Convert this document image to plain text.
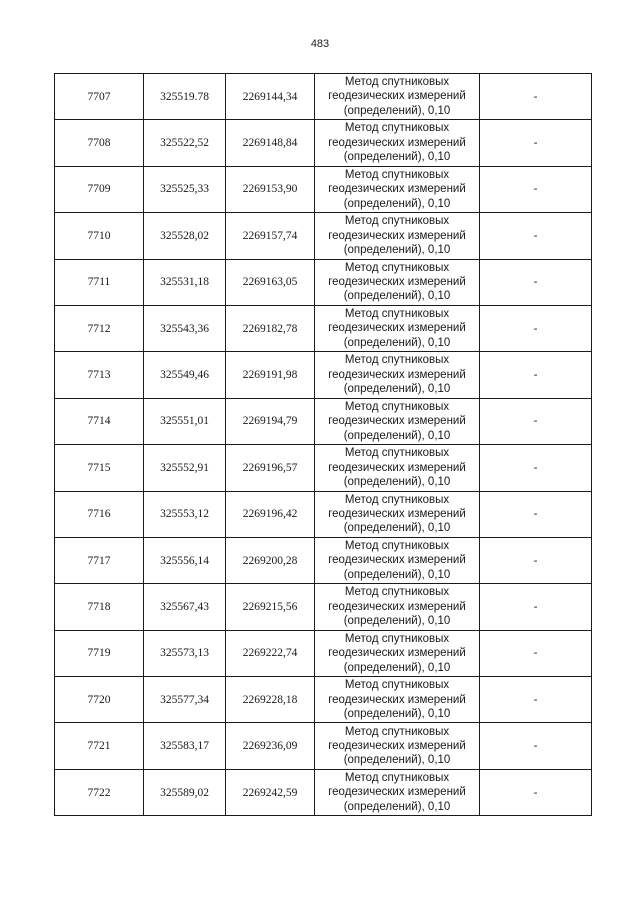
483
7707	325519.78	2269144,34	Метод спутниковых
геодезических измерений
(определений), 0,10	-
7708	325522,52	2269148,84	Метод спутниковых
геодезических измерений
(определений), 0,10	-
7709	325525,33	2269153,90	Метод спутниковых
геодезических измерений
(определений), 0,10	-
7710	325528,02	2269157,74	Метод спутниковых
геодезических измерений
(определений), 0,10	-
7711	325531,18	2269163,05	Метод спутниковых
геодезических измерений
(определений), 0,10	-
7712	325543,36	2269182,78	Метод спутниковых
геодезических измерений
(определений), 0,10	-
7713	325549,46	2269191,98	Метод спутниковых
геодезических измерений
(определений), 0,10	-
7714	325551,01	2269194,79	Метод спутниковых
геодезических измерений
(определений), 0,10	-
7715	325552,91	2269196,57	Метод спутниковых
геодезических измерений
(определений), 0,10	-
7716	325553,12	2269196,42	Метод спутниковых
геодезических измерений
(определений), 0,10	-
7717	325556,14	2269200,28	Метод спутниковых
геодезических измерений
(определений), 0,10	-
7718	325567,43	2269215,56	Метод спутниковых
геодезических измерений
(определений), 0,10	-
7719	325573,13	2269222,74	Метод спутниковых
геодезических измерений
(определений), 0,10	-
7720	325577,34	2269228,18	Метод спутниковых
геодезических измерений
(определений), 0,10	-
7721	325583,17	2269236,09	Метод спутниковых
геодезических измерений
(определений), 0,10	-
7722	325589,02	2269242,59	Метод спутниковых
геодезических измерений
(определений), 0,10	-
